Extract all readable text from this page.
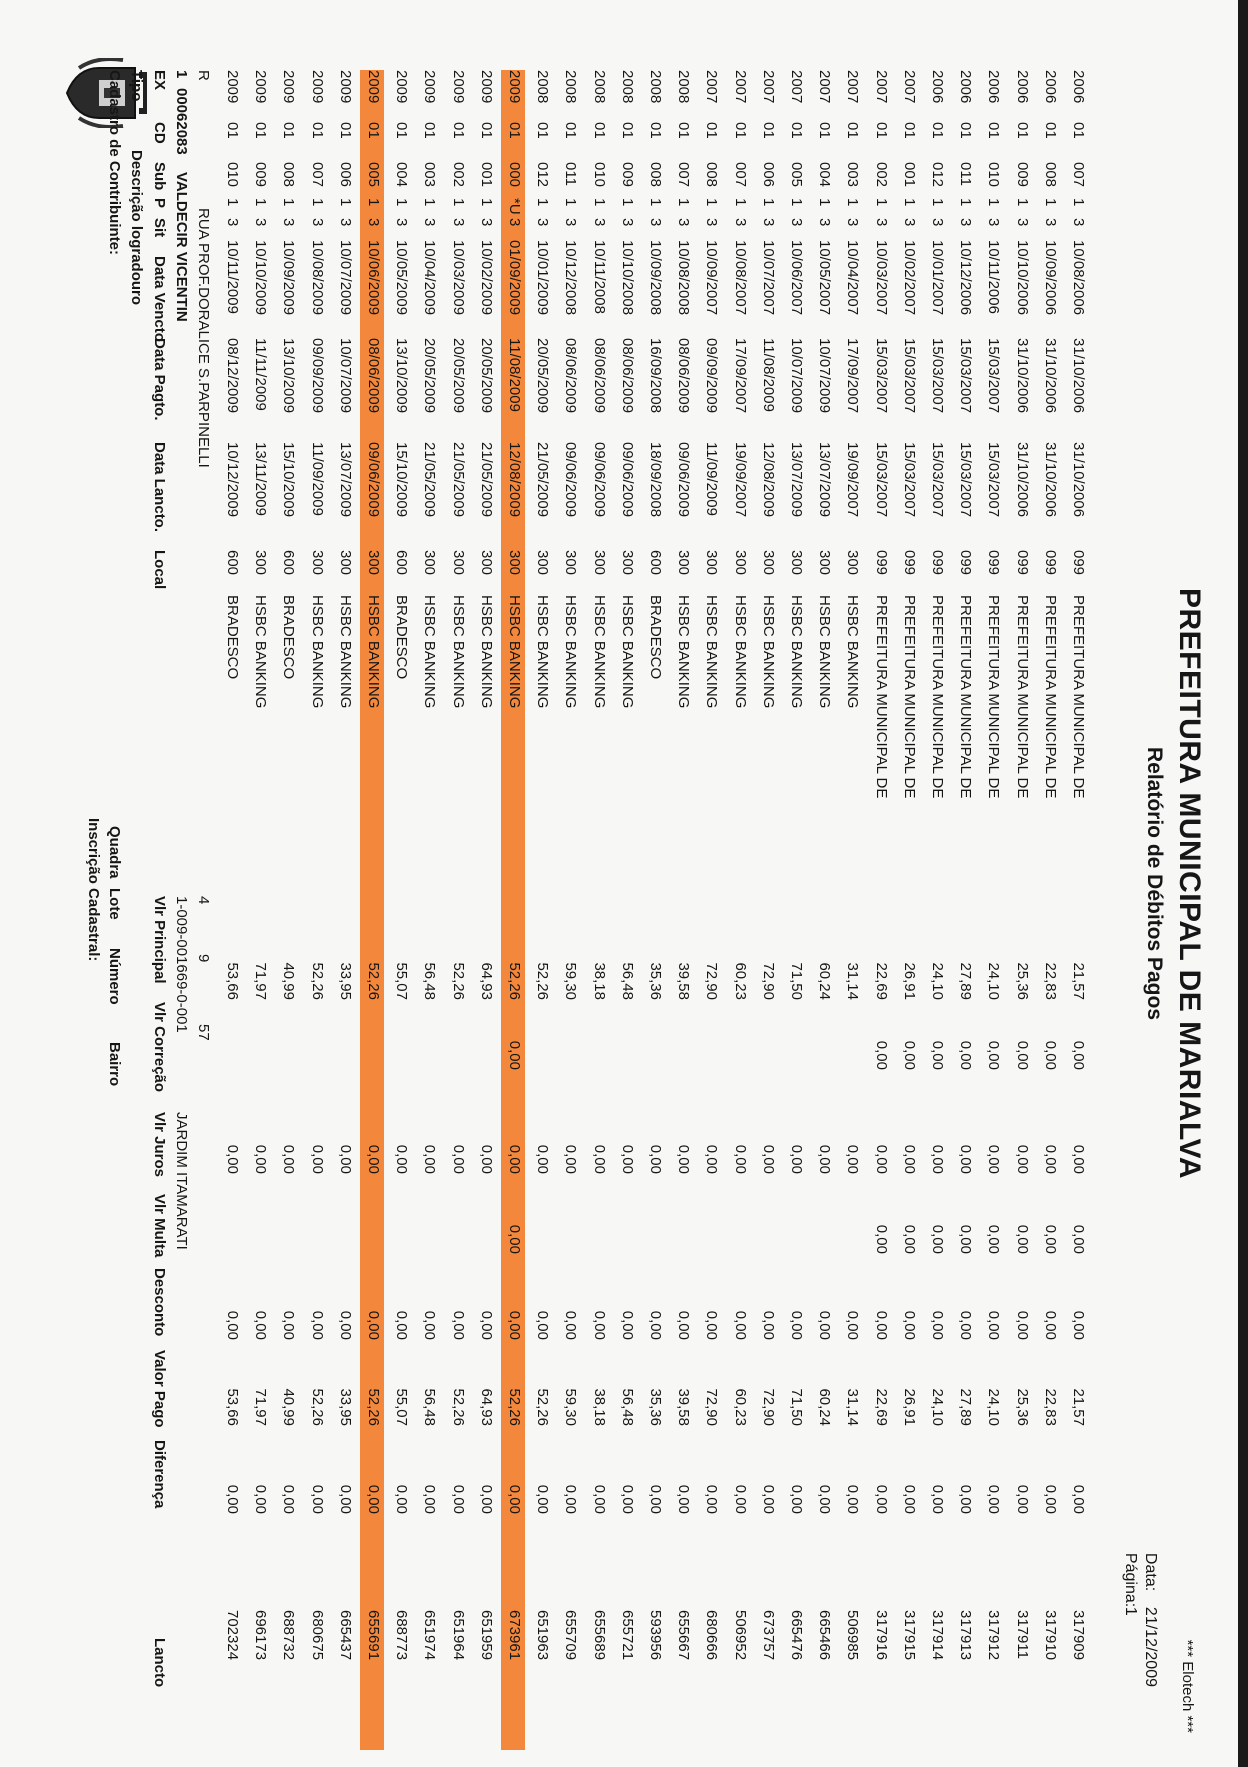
*** Elotech ***
Data:21/12/2009
Página:1
PREFEITURA MUNICIPAL DE MARIALVA
Relatório de Débitos Pagos
Cadastro de Contribuinte: Tipo
Descrição logradouro
Inscrição Cadastral: Quadra
Lote
Número
Bairro
EX
CD
Sub
P
Sit
Data Vencto
Data Pagto.
Data Lancto.
Local
Vlr Principal
Vlr Correção
Vlr Juros
Vlr Multa
Desconto
Valor Pago
Diferença
Lancto
1
00062083
VALDECIR VICENTIN
1-009-001669-0-001
JARDIM ITAMARATI
R
RUA PROF.DORALICE S.PARPINELLI
4
9
57
2009
01
010
1
3
10/11/2009
08/12/2009
10/12/2009
600
BRADESCO
53,66
0,00
0,00
53,66
0,00
702324
2009
01
009
1
3
10/10/2009
11/11/2009
13/11/2009
300
HSBC BANKING
71,97
0,00
0,00
71,97
0,00
696173
2009
01
008
1
3
10/09/2009
13/10/2009
15/10/2009
600
BRADESCO
40,99
0,00
0,00
40,99
0,00
688732
2009
01
007
1
3
10/08/2009
09/09/2009
11/09/2009
300
HSBC BANKING
52,26
0,00
0,00
52,26
0,00
680675
2009
01
006
1
3
10/07/2009
10/07/2009
13/07/2009
300
HSBC BANKING
33,95
0,00
0,00
33,95
0,00
665437
2009
01
005
1
3
10/06/2009
08/06/2009
09/06/2009
300
HSBC BANKING
52,26
0,00
0,00
52,26
0,00
655691
2009
01
004
1
3
10/05/2009
13/10/2009
15/10/2009
600
BRADESCO
55,07
0,00
0,00
55,07
0,00
688773
2009
01
003
1
3
10/04/2009
20/05/2009
21/05/2009
300
HSBC BANKING
56,48
0,00
0,00
56,48
0,00
651974
2009
01
002
1
3
10/03/2009
20/05/2009
21/05/2009
300
HSBC BANKING
52,26
0,00
0,00
52,26
0,00
651964
2009
01
001
1
3
10/02/2009
20/05/2009
21/05/2009
300
HSBC BANKING
64,93
0,00
0,00
64,93
0,00
651959
2009
01
000
*U
3
01/09/2009
11/08/2009
12/08/2009
300
HSBC BANKING
52,26
0,00
0,00
0,00
0,00
52,26
0,00
673961
2008
01
012
1
3
10/01/2009
20/05/2009
21/05/2009
300
HSBC BANKING
52,26
0,00
0,00
52,26
0,00
651963
2008
01
011
1
3
10/12/2008
08/06/2009
09/06/2009
300
HSBC BANKING
59,30
0,00
0,00
59,30
0,00
655709
2008
01
010
1
3
10/11/2008
08/06/2009
09/06/2009
300
HSBC BANKING
38,18
0,00
0,00
38,18
0,00
655689
2008
01
009
1
3
10/10/2008
08/06/2009
09/06/2009
300
HSBC BANKING
56,48
0,00
0,00
56,48
0,00
655721
2008
01
008
1
3
10/09/2008
16/09/2008
18/09/2008
600
BRADESCO
35,36
0,00
0,00
35,36
0,00
593956
2008
01
007
1
3
10/08/2008
08/06/2009
09/06/2009
300
HSBC BANKING
39,58
0,00
0,00
39,58
0,00
655667
2007
01
008
1
3
10/09/2007
09/09/2009
11/09/2009
300
HSBC BANKING
72,90
0,00
0,00
72,90
0,00
680666
2007
01
007
1
3
10/08/2007
17/09/2007
19/09/2007
300
HSBC BANKING
60,23
0,00
0,00
60,23
0,00
506952
2007
01
006
1
3
10/07/2007
11/08/2009
12/08/2009
300
HSBC BANKING
72,90
0,00
0,00
72,90
0,00
673757
2007
01
005
1
3
10/06/2007
10/07/2009
13/07/2009
300
HSBC BANKING
71,50
0,00
0,00
71,50
0,00
665476
2007
01
004
1
3
10/05/2007
10/07/2009
13/07/2009
300
HSBC BANKING
60,24
0,00
0,00
60,24
0,00
665466
2007
01
003
1
3
10/04/2007
17/09/2007
19/09/2007
300
HSBC BANKING
31,14
0,00
0,00
31,14
0,00
506985
2007
01
002
1
3
10/03/2007
15/03/2007
15/03/2007
099
PREFEITURA MUNICIPAL DE
22,69
0,00
0,00
0,00
0,00
22,69
0,00
317916
2007
01
001
1
3
10/02/2007
15/03/2007
15/03/2007
099
PREFEITURA MUNICIPAL DE
26,91
0,00
0,00
0,00
0,00
26,91
0,00
317915
2006
01
012
1
3
10/01/2007
15/03/2007
15/03/2007
099
PREFEITURA MUNICIPAL DE
24,10
0,00
0,00
0,00
0,00
24,10
0,00
317914
2006
01
011
1
3
10/12/2006
15/03/2007
15/03/2007
099
PREFEITURA MUNICIPAL DE
27,89
0,00
0,00
0,00
0,00
27,89
0,00
317913
2006
01
010
1
3
10/11/2006
15/03/2007
15/03/2007
099
PREFEITURA MUNICIPAL DE
24,10
0,00
0,00
0,00
0,00
24,10
0,00
317912
2006
01
009
1
3
10/10/2006
31/10/2006
31/10/2006
099
PREFEITURA MUNICIPAL DE
25,36
0,00
0,00
0,00
0,00
25,36
0,00
317911
2006
01
008
1
3
10/09/2006
31/10/2006
31/10/2006
099
PREFEITURA MUNICIPAL DE
22,83
0,00
0,00
0,00
0,00
22,83
0,00
317910
2006
01
007
1
3
10/08/2006
31/10/2006
31/10/2006
099
PREFEITURA MUNICIPAL DE
21,57
0,00
0,00
0,00
0,00
21,57
0,00
317909
